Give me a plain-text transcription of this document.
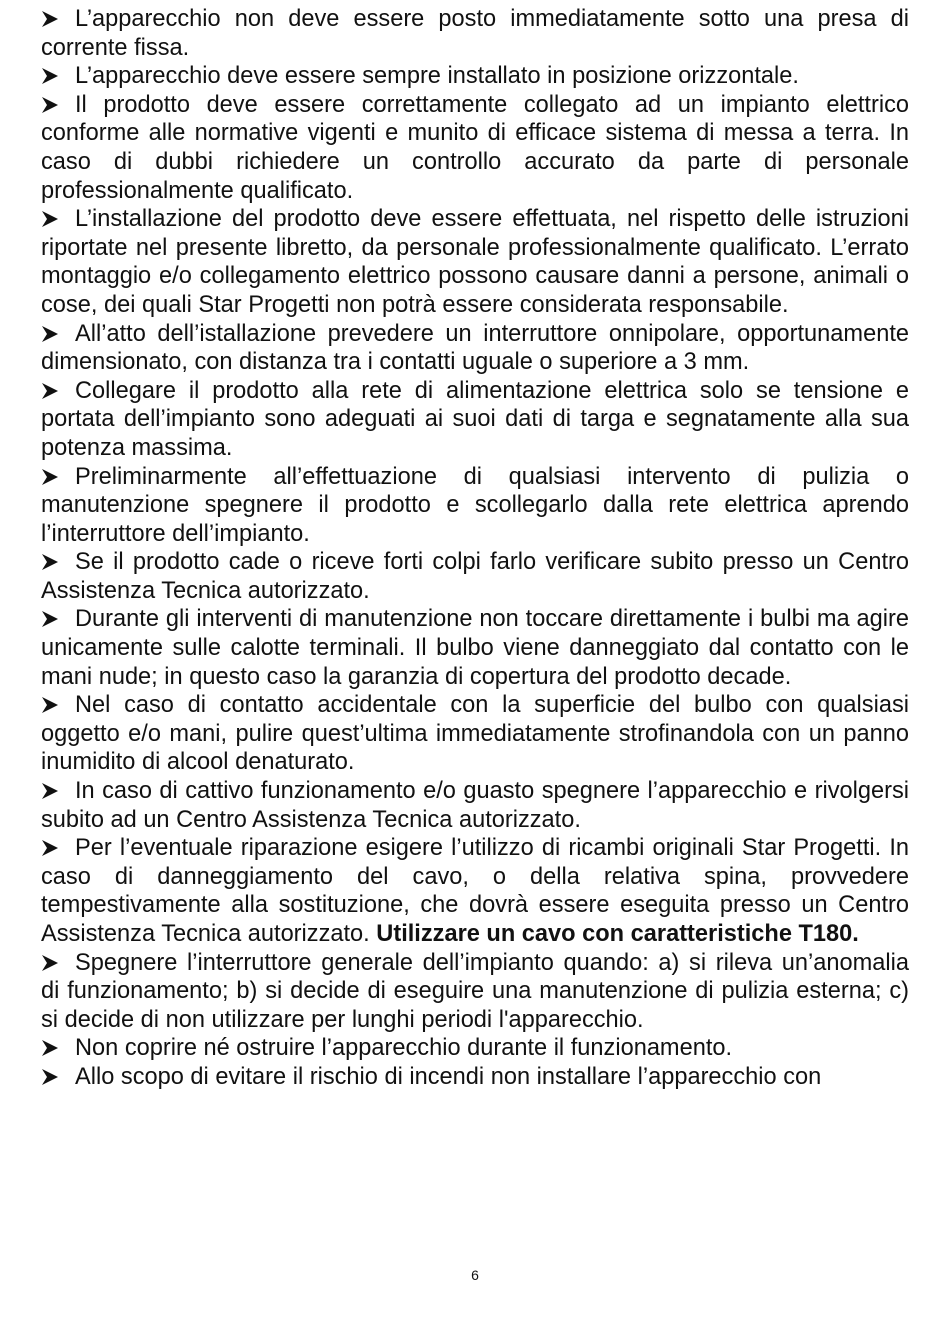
L’apparecchio non deve essere posto immediatamente sotto una presa di corrente fissa.

L’apparecchio deve essere sempre installato in posizione orizzontale.

Il prodotto deve essere correttamente collegato ad un impianto elettrico conforme alle normative vigenti e munito di efficace sistema di messa a terra. In caso di dubbi richiedere un controllo accurato da parte di personale professionalmente qualificato.

L’installazione del prodotto deve essere effettuata, nel rispetto delle istruzioni riportate nel presente libretto, da personale professionalmente qualificato. L’errato montaggio e/o collegamento elettrico possono causare danni a persone, animali o cose, dei quali Star Progetti non potrà essere considerata responsabile.

All’atto dell’istallazione prevedere un interruttore onnipolare, opportunamente dimensionato, con distanza tra i contatti uguale o superiore a 3 mm.

Collegare il prodotto alla rete di alimentazione elettrica solo se tensione e portata dell’impianto sono adeguati ai suoi dati di targa e segnatamente alla sua potenza massima.

Preliminarmente all’effettuazione di qualsiasi intervento di pulizia o manutenzione spegnere il prodotto e scollegarlo dalla rete elettrica aprendo l’interruttore dell’impianto.

Se il prodotto cade o riceve forti colpi farlo verificare subito presso un Centro Assistenza Tecnica autorizzato.

Durante gli interventi di manutenzione non toccare direttamente i bulbi ma agire unicamente sulle calotte terminali. Il bulbo viene danneggiato dal contatto con le mani nude; in questo caso la garanzia di copertura del prodotto decade.

Nel caso di contatto accidentale con la superficie del bulbo con qualsiasi oggetto e/o mani, pulire quest’ultima immediatamente strofinandola con un panno inumidito di alcool denaturato.

In caso di cattivo funzionamento e/o guasto spegnere l’apparecchio e rivolgersi subito ad un Centro Assistenza Tecnica autorizzato.

Per l’eventuale riparazione esigere l’utilizzo di ricambi originali Star Progetti. In caso di danneggiamento del cavo, o della relativa spina, provvedere tempestivamente alla sostituzione, che dovrà essere eseguita presso un Centro Assistenza Tecnica autorizzato. Utilizzare un cavo con caratteristiche T180.

Spegnere l’interruttore generale dell’impianto quando: a) si rileva un’anomalia di funzionamento; b) si decide di eseguire una manutenzione di pulizia esterna; c) si decide di non utilizzare per lunghi periodi l'apparecchio.

Non coprire né ostruire l’apparecchio durante il funzionamento.

Allo scopo di evitare il rischio di incendi non installare l’apparecchio con

6
